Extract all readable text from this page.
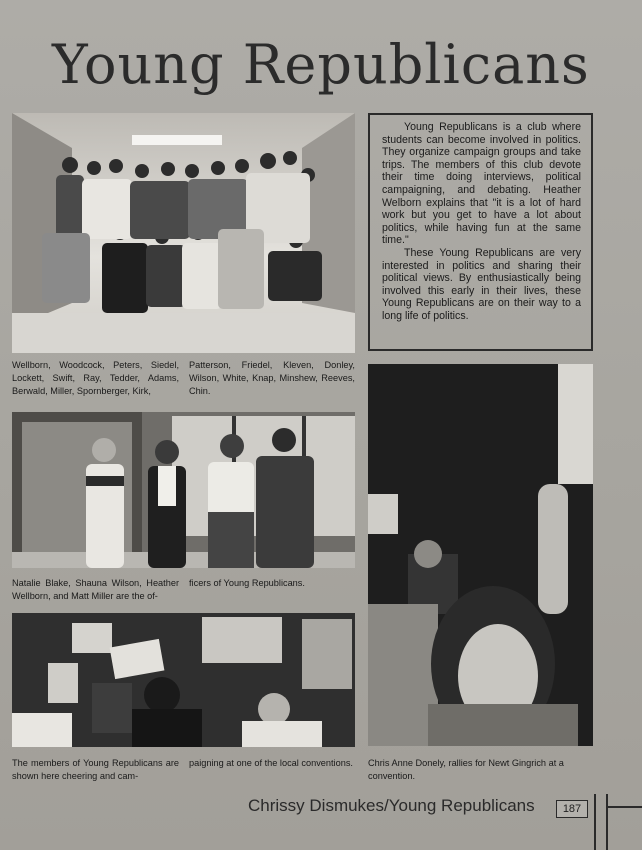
Young Republicans
Wellborn, Woodcock, Peters, Siedel, Lockett, Swift, Ray, Tedder, Adams, Berwald, Miller, Spornberger, Kirk,
Patterson, Friedel, Kleven, Donley, Wilson, White, Knap, Minshew, Reeves, Chin.

Young Republicans is a club where students can become involved in politics. They organize campaign groups and take trips. The members of this club devote their time doing interviews, political campaigning, and debating. Heather Welborn explains that "it is a lot of hard work but you get to have a lot about politics, while having fun at the same time."

These Young Republicans are very interested in politics and sharing their political views. By enthusiastically being involved this early in their lives, these Young Republicans are on their way to a long life of politics.

Natalie Blake, Shauna Wilson, Heather Wellborn, and Matt Miller are the of-
ficers of Young Republicans.
The members of Young Republicans are shown here cheering and cam-
paigning at one of the local conventions. Chris Anne Donely, rallies for Newt Gingrich at a convention.
Chrissy Dismukes/Young Republicans	187
